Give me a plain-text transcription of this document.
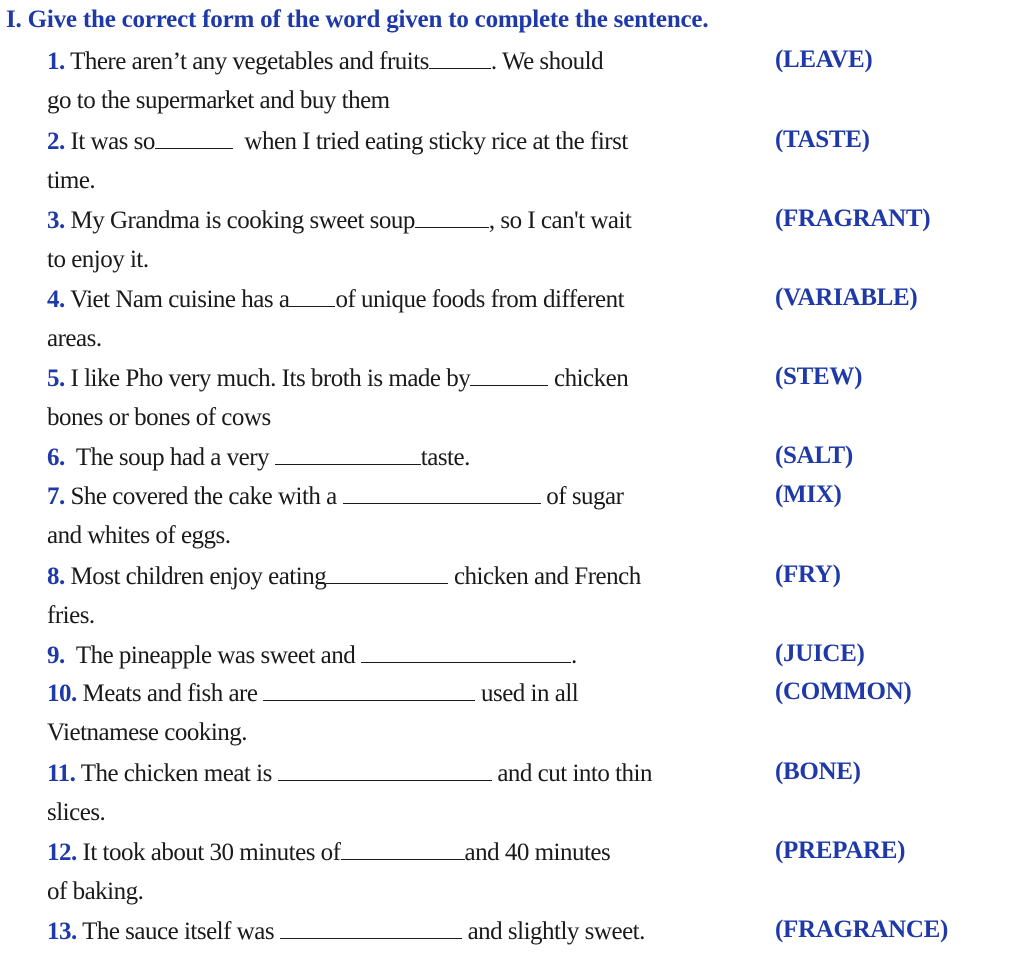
I. Give the correct form of the word given to complete the sentence.
1. There aren’t any vegetables and fruits . We should
go to the supermarket and buy them
(LEAVE)
2. It was so	when I tried eating sticky rice at the first
time.
(TASTE)
3. My Grandma is cooking sweet soup	, so I can't wait
to enjoy it.
(FRAGRANT)
4. Viet Nam cuisine has a of unique foods from different
areas.
(VARIABLE)
5. I like Pho very much. Its broth is made by	chicken
bones or bones of cows
(STEW)
6. The soup had a very	taste.	(SALT)
7. She covered the cake with a	of sugar
and whites of eggs.
(MIX)
8. Most children enjoy eating	chicken and French
fries.
(FRY)
9. The pineapple was sweet and	.	(JUICE)
10. Meats and fish are	used in all
Vietnamese cooking.
(COMMON)
11. The chicken meat is	and cut into thin
slices.
(BONE)
12. It took about 30 minutes of	and 40 minutes
of baking.
(PREPARE)
13. The sauce itself was	and slightly sweet.	(FRAGRANCE)
